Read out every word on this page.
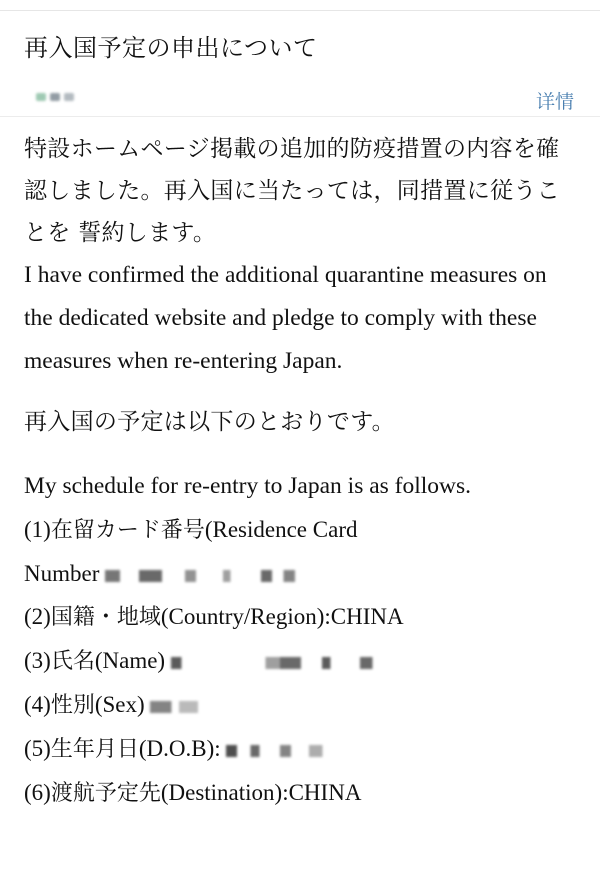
再入国予定の申出について
详情

特設ホームページ掲載の追加的防疫措置の内容を確認しました。再入国に当たっては，同措置に従うことを 誓約します。

I have confirmed the additional quarantine measures on the dedicated website and pledge to comply with these measures when re-entering Japan.

再入国の予定は以下のとおりです。

My schedule for re-entry to Japan is as follows.

(1)在留カード番号(Residence Card

Number

(2)国籍・地域(Country/Region):CHINA

(3)氏名(Name)

(4)性別(Sex)

(5)生年月日(D.O.B):

(6)渡航予定先(Destination):CHINA
